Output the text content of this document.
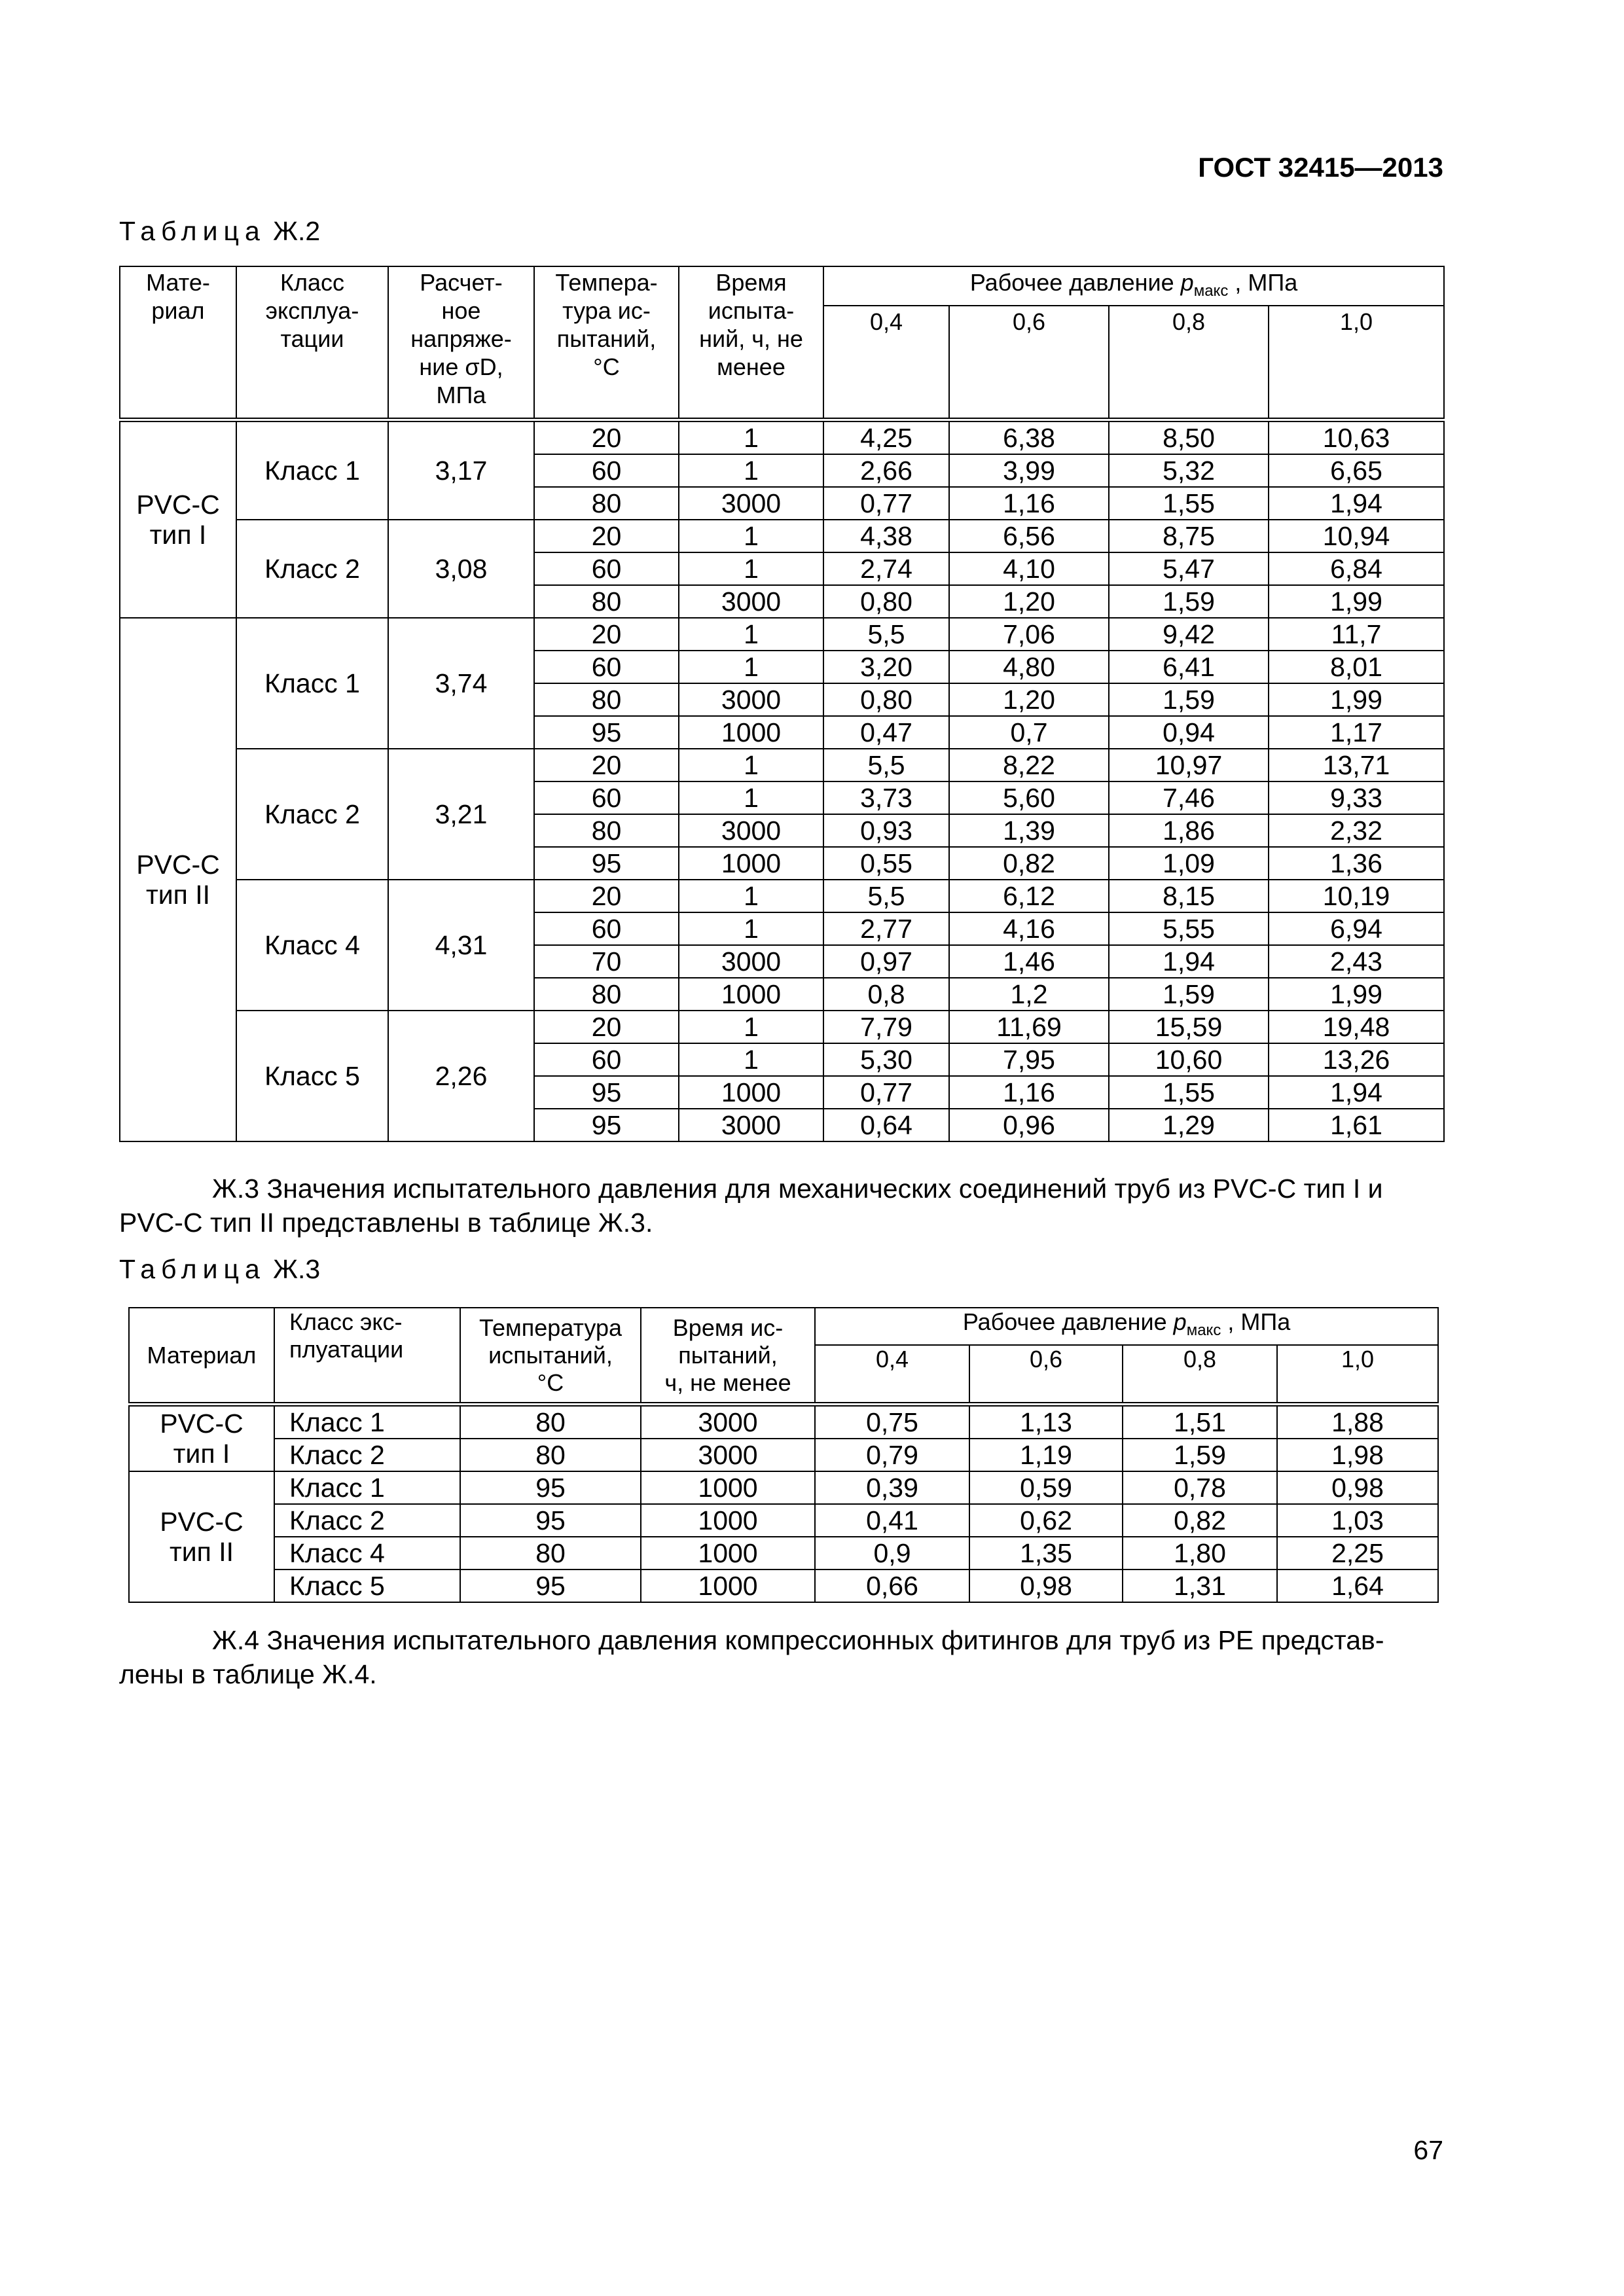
ГОСТ 32415—2013
Таблица Ж.2
Мате-
риал	Класс
эксплуа-
тации	Расчет-
ное
напряже-
ние σD,
МПа	Темпера-
тура ис-
пытаний,
°C	Время
испыта-
ний, ч, не
менее	Рабочее давление $p_{макс}$ , МПа			
					0,4	0,6	0,8	1,0
PVC-C
тип I	Класс 1	3,17	20	1	4,25	6,38	8,50	10,63
			60	1	2,66	3,99	5,32	6,65
			80	3000	0,77	1,16	1,55	1,94
	Класс 2	3,08	20	1	4,38	6,56	8,75	10,94
			60	1	2,74	4,10	5,47	6,84
			80	3000	0,80	1,20	1,59	1,99
PVC-C
тип II	Класс 1	3,74	20	1	5,5	7,06	9,42	11,7
			60	1	3,20	4,80	6,41	8,01
			80	3000	0,80	1,20	1,59	1,99
			95	1000	0,47	0,7	0,94	1,17
	Класс 2	3,21	20	1	5,5	8,22	10,97	13,71
			60	1	3,73	5,60	7,46	9,33
			80	3000	0,93	1,39	1,86	2,32
			95	1000	0,55	0,82	1,09	1,36
	Класс 4	4,31	20	1	5,5	6,12	8,15	10,19
			60	1	2,77	4,16	5,55	6,94
			70	3000	0,97	1,46	1,94	2,43
			80	1000	0,8	1,2	1,59	1,99
	Класс 5	2,26	20	1	7,79	11,69	15,59	19,48
			60	1	5,30	7,95	10,60	13,26
			95	1000	0,77	1,16	1,55	1,94
			95	3000	0,64	0,96	1,29	1,61
Ж.3 Значения испытательного давления для механических соединений труб из PVC-C тип I и PVC-C тип II представлены в таблице Ж.3.
Таблица Ж.3
Материал	Класс экс-
плуатации	Температура
испытаний,
°C	Время ис-
пытаний,
ч, не менее	Рабочее давление $p_{макс}$ , МПа			
				0,4	0,6	0,8	1,0
PVC-C
тип I	Класс 1	80	3000	0,75	1,13	1,51	1,88
	Класс 2	80	3000	0,79	1,19	1,59	1,98
PVC-C
тип II	Класс 1	95	1000	0,39	0,59	0,78	0,98
	Класс 2	95	1000	0,41	0,62	0,82	1,03
	Класс 4	80	1000	0,9	1,35	1,80	2,25
	Класс 5	95	1000	0,66	0,98	1,31	1,64
Ж.4 Значения испытательного давления компрессионных фитингов для труб из PE представ-лены в таблице Ж.4.
67
